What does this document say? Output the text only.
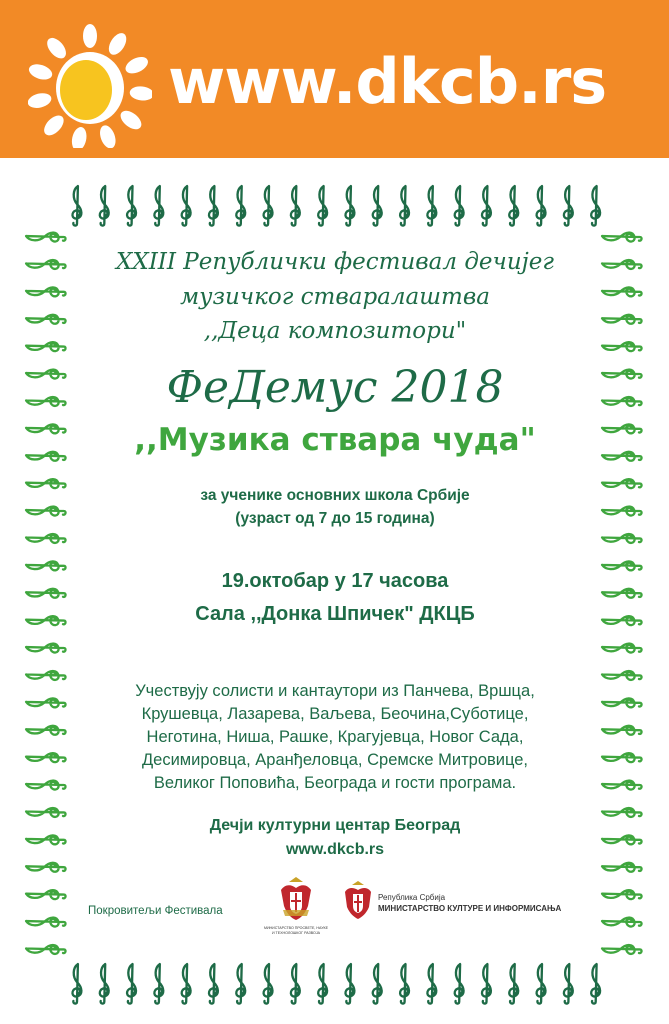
www.dkcb.rs
XXIII Републички фестивал дечијег
музичког стваралаштва
,,Деца композитори"
ФеДемус 2018
,,Музика ствара чуда"
за ученике основних школа Србије
(узраст од 7 до 15 година)
19.октобар у 17 часова
Сала ,,Донка Шпичек" ДКЦБ
Учествују солисти и кантаутори из Панчева, Вршца,
Крушевца, Лазарева, Ваљева, Беочина,Суботице,
Неготина, Ниша, Рашке, Крагујевца, Новог Сада,
Десимировца, Аранђеловца, Сремске Митровице,
Великог Поповића, Београда и гости програма.
Дечји културни центар Београд
www.dkcb.rs
Покровитељи Фестивала
МИНИСТАРСТВО ПРОСВЕТЕ, НАУКЕ И ТЕХНОЛОШКОГ РАЗВОЈА
Република Србија
МИНИСТАРСТВО КУЛТУРЕ И ИНФОРМИСАЊА
